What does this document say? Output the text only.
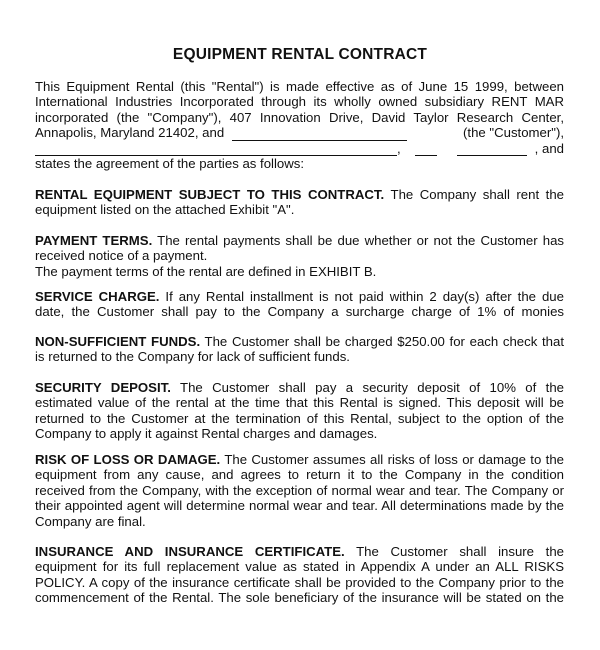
EQUIPMENT RENTAL CONTRACT
This Equipment Rental (this "Rental") is made effective as of June 15 1999, between
International Industries Incorporated through its wholly owned subsidiary RENT MAR
incorporated (the "Company"), 407 Innovation Drive, David Taylor Research Center,
Annapolis, Maryland 21402, and	(the "Customer"),
,	, and
states the agreement of the parties as follows:
RENTAL EQUIPMENT SUBJECT TO THIS CONTRACT. The Company shall rent the
equipment listed on the attached Exhibit "A".
PAYMENT TERMS. The rental payments shall be due whether or not the Customer has
received notice of a payment.
The payment terms of the rental are defined in EXHIBIT B.
SERVICE CHARGE. If any Rental installment is not paid within 2 day(s) after the due
date, the Customer shall pay to the Company a surcharge charge of 1% of monies
NON-SUFFICIENT FUNDS. The Customer shall be charged $250.00 for each check that
is returned to the Company for lack of sufficient funds.
SECURITY DEPOSIT. The Customer shall pay a security deposit of 10% of the
estimated value of the rental at the time that this Rental is signed. This deposit will be
returned to the Customer at the termination of this Rental, subject to the option of the
Company to apply it against Rental charges and damages.
RISK OF LOSS OR DAMAGE. The Customer assumes all risks of loss or damage to the
equipment from any cause, and agrees to return it to the Company in the condition
received from the Company, with the exception of normal wear and tear. The Company or
their appointed agent will determine normal wear and tear. All determinations made by the
Company are final.
INSURANCE AND INSURANCE CERTIFICATE. The Customer shall insure the
equipment for its full replacement value as stated in Appendix A under an ALL RISKS
POLICY. A copy of the insurance certificate shall be provided to the Company prior to the
commencement of the Rental. The sole beneficiary of the insurance will be stated on the
